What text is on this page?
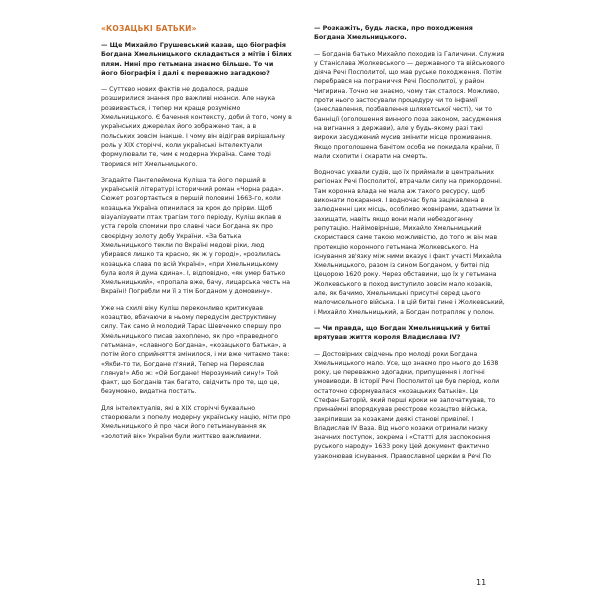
«КОЗАЦЬКІ БАТЬКИ»
— Ще Михайло Грушевський казав, що біографія Богдана Хмельницького складається з мітів і білих плям. Нині про гетьмана знаємо більше. То чи його біографія і далі є переважно загадкою?
— Суттєво нових фактів не додалося, радше розширилися знання про важливі нюанси. Але наука розвивається, і тепер ми краще розуміємо Хмельницького. Є бачення контексту, доби й того, чому в українських джерелах його зображено так, а в польських зовсім інакше. І чому він відіграв вирішальну роль у XIX сторіччі, коли українські інтелектуали формулювали те, чим є модерна Україна. Саме тоді творився міт Хмельницького.
Згадайте Пантелеймона Куліша та його перший в українській літературі історичний роман «Чорна рада». Сюжет розгортається в першій половині 1663-го, коли козацька Україна опинилася за крок до прірви. Щоб візуалізувати птах трагізм того періоду, Куліш вклав в уста героїв спомини про славні часи Богдана як про своєрідну золоту добу України. «За батька Хмельницького текли по Вкраїні медові ріки, люд убирався лишко та красно, як ж у городі», «розлилась козацька слава по всій Україні», «при Хмельницькому була воля й дума єдина». І, відповідно, «як умер батько Хмельницький», «пропала вже, бачу, лицарська честь на Вкраїні! Погребли ми її з тім Богданом у домовину».
Уже на схилі віку Куліш переконливо критикував козацтво, вбачаючи в ньому передусім деструктивну силу. Так само й молодий Тарас Шевченко спершу про Хмельницького писав захоплено, як про «праведного гетьмана», «славного Богдана», «козацького батька», а потім його сприйняття змінилося, і ми вже читаємо таке: «Якби-то ти, Богдане п'яний, Тепер на Переяслав глянув!» Або ж: «Ой Богдане! Нерозумний сину!» Той факт, що Богданів так багато, свідчить про те, що це, безумовно, видатна постать.
Для інтелектуалів, які в XIX сторіччі буквально створювали з попелу модерну українську націю, міти про Хмельницького й про часи його гетьманування як «золотий вік» України були життєво важливими.
— Розкажіть, будь ласка, про походження Богдана Хмельницького.
— Богданів батько Михайло походив із Галичини. Служив у Станіслава Жолкевського — державного та військового діяча Речі Посполитої, що мав руське походження. Потім перебрався на пограниччя Речі Посполитої, у район Чигирина. Точно не знаємо, чому так сталося. Можливо, проти нього застосували процедуру чи то інфамії (знеславлення, позбавлення шляхетської честі), чи то банніції (оголошення винного поза законом, засудження на вигнання з держави), але у будь-якому разі такі вироки засуджений мусив змінити місце проживання. Якщо проголошена банітом особа не покидала країни, її мали схопити і скарати на смерть.
Водночас ухвали судів, що їх приймали в центральних регіонах Речі Посполитої, втрачали силу на прикордонні. Там коронна влада не мала аж такого ресурсу, щоб виконати покарання. І водночас була зацікавлена в залюдненні цих місць, особливо жовнірами, здатними їх захищати, навіть якщо вони мали небездоганну репутацію. Найімовірніше, Михайло Хмельницький скористався саме такою можливістю, до того ж він мав протекцію коронного гетьмана Жолкевського. На існування зв'язку між ними вказує і факт участі Михайла Хмельницького, разом із сином Богданом, у битві під Цецорою 1620 року. Через обставини, що їх у гетьмана Жолкевського в поход виступило зовсім мало козаків, але, як бачимо, Хмельницькі присутні серед цього малочисельного війська. І в цій битві гине і Жолкевський, і Михайло Хмельницький, а Богдан потрапляє у полон.
— Чи правда, що Богдан Хмельницький у битві врятував життя короля Владислава IV?
— Достовірних свідчень про молоді роки Богдана Хмельницького мало. Усе, що знаємо про нього до 1638 року, це переважно здогадки, припущення і логічні умовиводи. В історії Речі Посполитої це був період, коли остаточно сформувалася «козацьких батьків». Це Стефан Баторій, який перші кроки не започаткував, то принаймні впорядкував реєстрове козацтво війська, закріпивши за козаками деякі станові привілеї. І Владислав IV Ваза. Від нього козаки отримали низку значних поступок, зокрема і «Статті для заспокоєння руського народу» 1633 року Цей документ фактично узаконював існування. Православної церкви в Речі По
11
